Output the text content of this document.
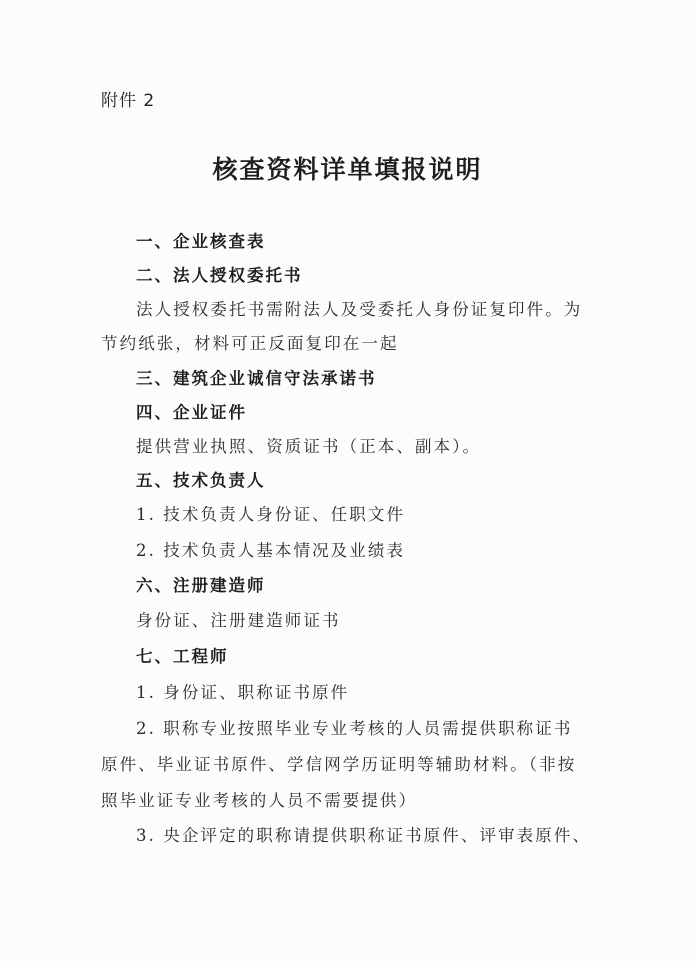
附件 2
核查资料详单填报说明
一、企业核查表
二、法人授权委托书
法人授权委托书需附法人及受委托人身份证复印件。为
节约纸张，材料可正反面复印在一起
三、建筑企业诚信守法承诺书
四、企业证件
提供营业执照、资质证书（正本、副本）。
五、技术负责人
1. 技术负责人身份证、任职文件
2. 技术负责人基本情况及业绩表
六、注册建造师
身份证、注册建造师证书
七、工程师
1. 身份证、职称证书原件
2. 职称专业按照毕业专业考核的人员需提供职称证书
原件、毕业证书原件、学信网学历证明等辅助材料。（非按
照毕业证专业考核的人员不需要提供）
3. 央企评定的职称请提供职称证书原件、评审表原件、
